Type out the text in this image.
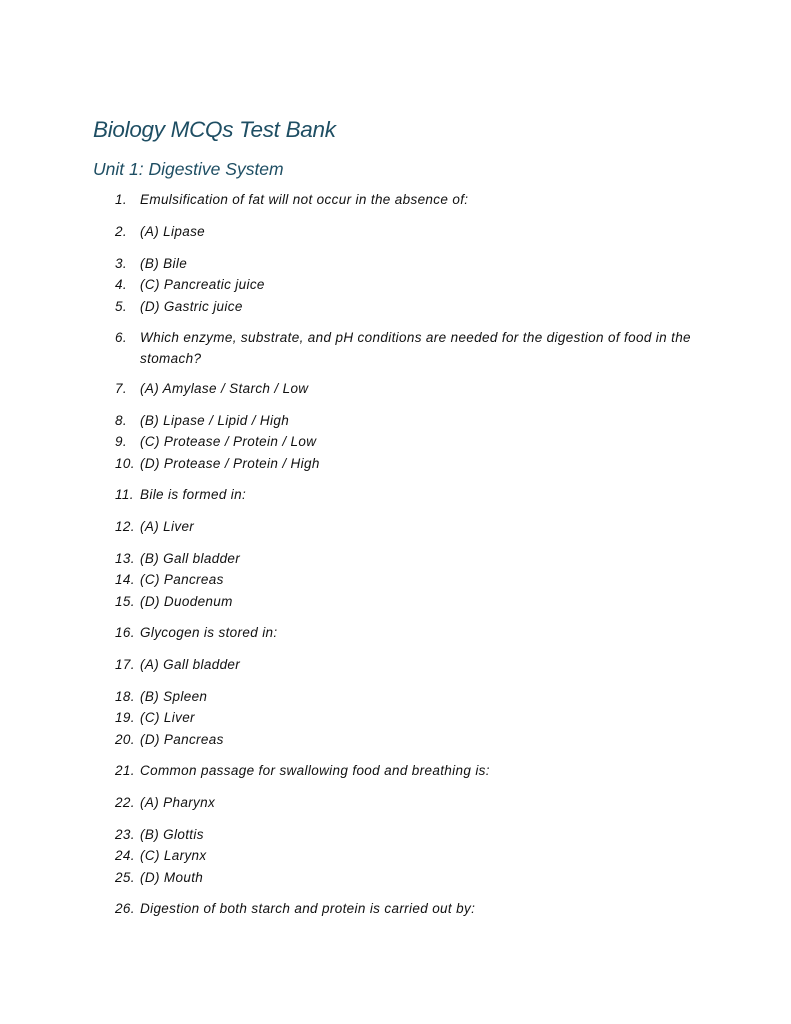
Biology MCQs Test Bank
Unit 1: Digestive System
1. Emulsification of fat will not occur in the absence of:
2. (A) Lipase
3. (B) Bile
4. (C) Pancreatic juice
5. (D) Gastric juice
6. Which enzyme, substrate, and pH conditions are needed for the digestion of food in the stomach?
7. (A) Amylase / Starch / Low
8. (B) Lipase / Lipid / High
9. (C) Protease / Protein / Low
10. (D) Protease / Protein / High
11. Bile is formed in:
12. (A) Liver
13. (B) Gall bladder
14. (C) Pancreas
15. (D) Duodenum
16. Glycogen is stored in:
17. (A) Gall bladder
18. (B) Spleen
19. (C) Liver
20. (D) Pancreas
21. Common passage for swallowing food and breathing is:
22. (A) Pharynx
23. (B) Glottis
24. (C) Larynx
25. (D) Mouth
26. Digestion of both starch and protein is carried out by:
